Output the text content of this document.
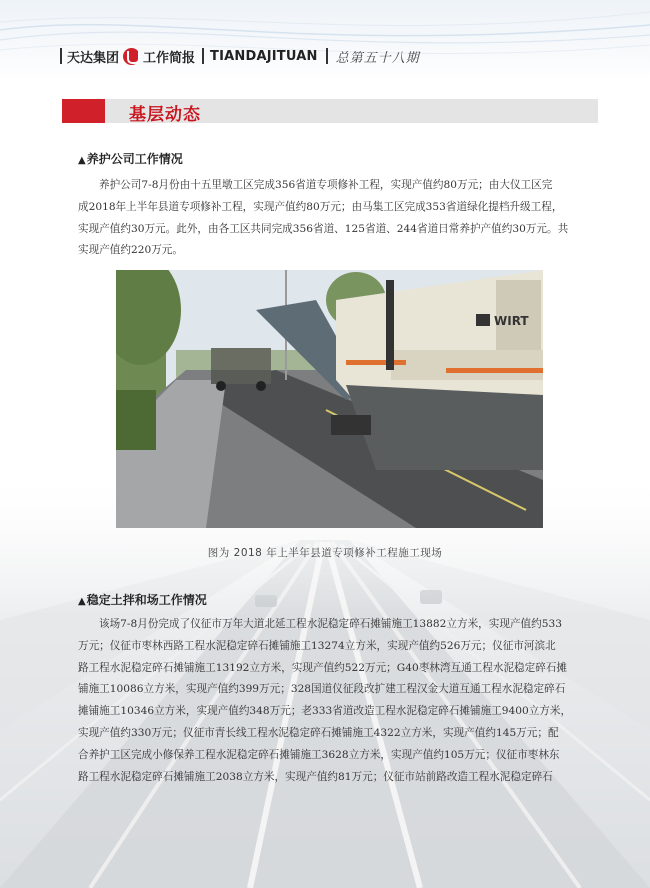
天达集团 工作简报 TIANDAJITUAN 总第五十八期
基层动态
▲养护公司工作情况
养护公司7-8月份由十五里墩工区完成356省道专项修补工程，实现产值约80万元；由大仪工区完
成2018年上半年县道专项修补工程，实现产值约80万元；由马集工区完成353省道绿化提档升级工程，
实现产值约30万元。此外，由各工区共同完成356省道、125省道、244省道日常养护产值约30万元。共
实现产值约220万元。
WIRT
图为 2018 年上半年县道专项修补工程施工现场
▲稳定土拌和场工作情况
该场7-8月份完成了仪征市万年大道北延工程水泥稳定碎石摊铺施工13882立方米，实现产值约533
万元；仪征市枣林西路工程水泥稳定碎石摊铺施工13274立方米，实现产值约526万元；仪征市河滨北
路工程水泥稳定碎石摊铺施工13192立方米，实现产值约522万元；G40枣林湾互通工程水泥稳定碎石摊
铺施工10086立方米，实现产值约399万元；328国道仪征段改扩建工程汉金大道互通工程水泥稳定碎石
摊铺施工10346立方米，实现产值约348万元；老333省道改造工程水泥稳定碎石摊铺施工9400立方米，
实现产值约330万元；仪征市青长线工程水泥稳定碎石摊铺施工4322立方米，实现产值约145万元；配
合养护工区完成小修保养工程水泥稳定碎石摊铺施工3628立方米，实现产值约105万元；仪征市枣林东
路工程水泥稳定碎石摊铺施工2038立方米，实现产值约81万元；仪征市站前路改造工程水泥稳定碎石
